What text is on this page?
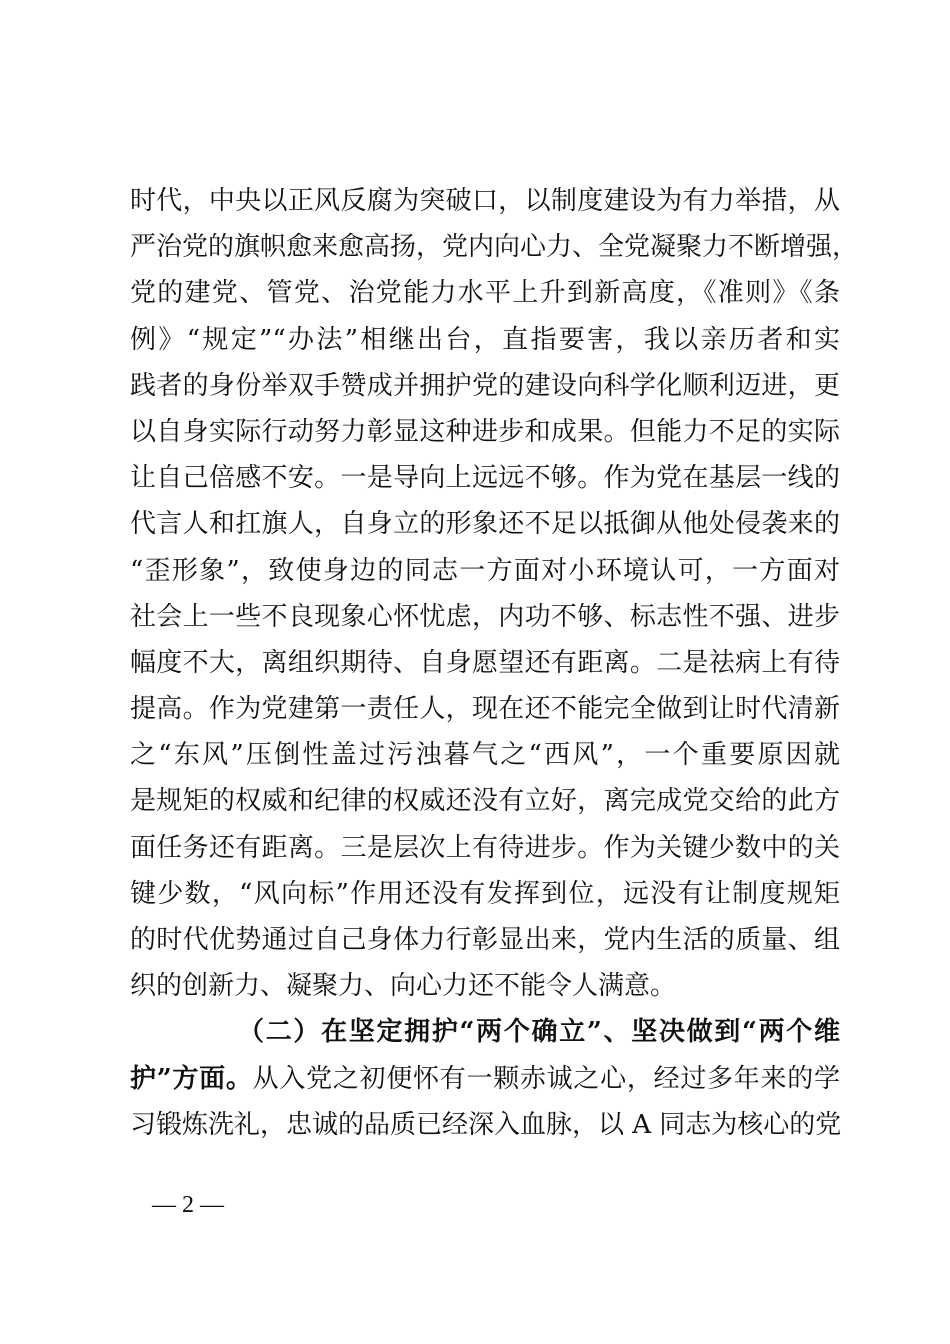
时代，中央以正风反腐为突破口，以制度建设为有力举措，从
严治党的旗帜愈来愈高扬，党内向心力、全党凝聚力不断增强，
党的建党、管党、治党能力水平上升到新高度，《准则》《条
例》“规定”“办法”相继出台，直指要害，我以亲历者和实
践者的身份举双手赞成并拥护党的建设向科学化顺利迈进，更
以自身实际行动努力彰显这种进步和成果。但能力不足的实际
让自己倍感不安。一是导向上远远不够。作为党在基层一线的
代言人和扛旗人，自身立的形象还不足以抵御从他处侵袭来的
“歪形象”，致使身边的同志一方面对小环境认可，一方面对
社会上一些不良现象心怀忧虑，内功不够、标志性不强、进步
幅度不大，离组织期待、自身愿望还有距离。二是祛病上有待
提高。作为党建第一责任人，现在还不能完全做到让时代清新
之“东风”压倒性盖过污浊暮气之“西风”，一个重要原因就
是规矩的权威和纪律的权威还没有立好，离完成党交给的此方
面任务还有距离。三是层次上有待进步。作为关键少数中的关
键少数，“风向标”作用还没有发挥到位，远没有让制度规矩
的时代优势通过自己身体力行彰显出来，党内生活的质量、组
织的创新力、凝聚力、向心力还不能令人满意。
（二）在坚定拥护“两个确立”、坚决做到“两个维
护”方面。从入党之初便怀有一颗赤诚之心，经过多年来的学
习锻炼洗礼，忠诚的品质已经深入血脉，以 A 同志为核心的党
— 2 —
